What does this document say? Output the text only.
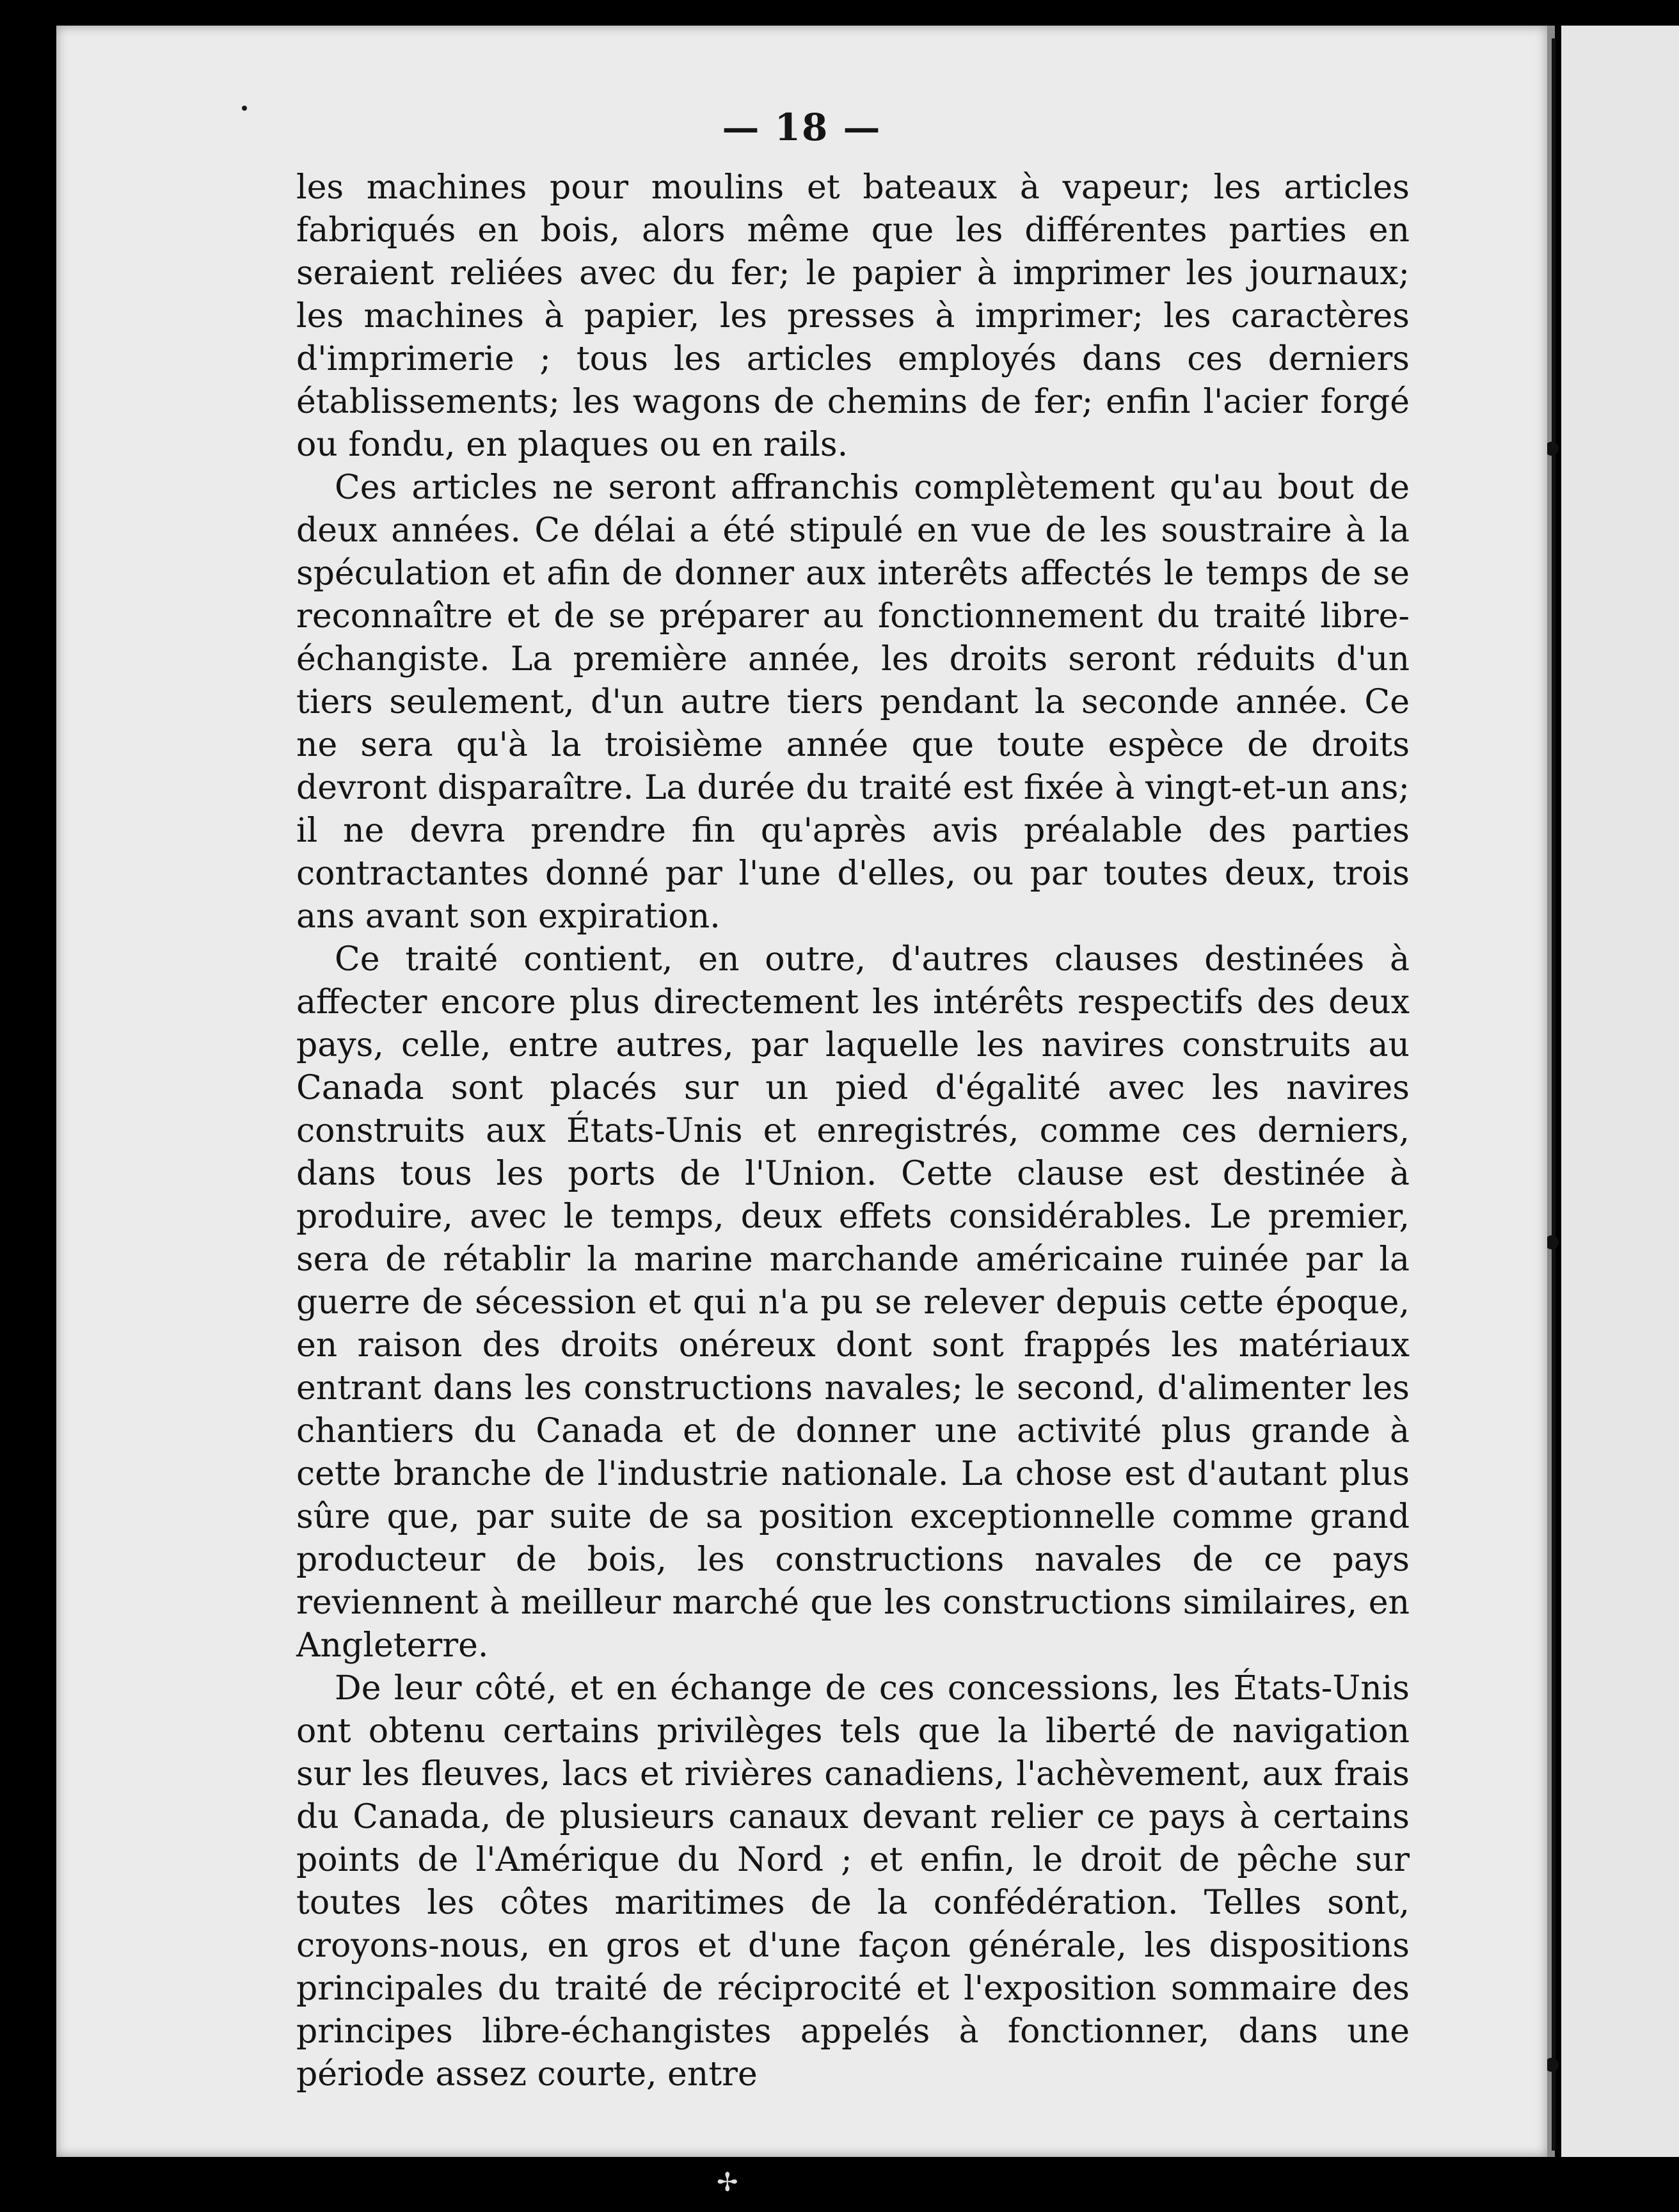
— 18 —

les machines pour moulins et bateaux à vapeur; les articles fabriqués en bois, alors même que les différentes parties en seraient reliées avec du fer; le papier à imprimer les journaux; les machines à papier, les presses à imprimer; les caractères d'imprimerie ; tous les articles employés dans ces derniers établissements; les wagons de chemins de fer; enfin l'acier forgé ou fondu, en plaques ou en rails.

Ces articles ne seront affranchis complètement qu'au bout de deux années. Ce délai a été stipulé en vue de les soustraire à la spéculation et afin de donner aux interêts affectés le temps de se reconnaître et de se préparer au fonctionnement du traité libre-échangiste. La première année, les droits seront réduits d'un tiers seulement, d'un autre tiers pendant la seconde année. Ce ne sera qu'à la troisième année que toute espèce de droits devront disparaître. La durée du traité est fixée à vingt-et-un ans; il ne devra prendre fin qu'après avis préalable des parties contractantes donné par l'une d'elles, ou par toutes deux, trois ans avant son expiration.

Ce traité contient, en outre, d'autres clauses destinées à affecter encore plus directement les intérêts respectifs des deux pays, celle, entre autres, par laquelle les navires construits au Canada sont placés sur un pied d'égalité avec les navires construits aux États-Unis et enregistrés, comme ces derniers, dans tous les ports de l'Union. Cette clause est destinée à produire, avec le temps, deux effets considérables. Le premier, sera de rétablir la marine marchande américaine ruinée par la guerre de sécession et qui n'a pu se relever depuis cette époque, en raison des droits onéreux dont sont frappés les matériaux entrant dans les constructions navales; le second, d'alimenter les chantiers du Canada et de donner une activité plus grande à cette branche de l'industrie nationale. La chose est d'autant plus sûre que, par suite de sa position exceptionnelle comme grand producteur de bois, les constructions navales de ce pays reviennent à meilleur marché que les constructions similaires, en Angleterre.

De leur côté, et en échange de ces concessions, les États-Unis ont obtenu certains privilèges tels que la liberté de navigation sur les fleuves, lacs et rivières canadiens, l'achèvement, aux frais du Canada, de plusieurs canaux devant relier ce pays à certains points de l'Amérique du Nord ; et enfin, le droit de pêche sur toutes les côtes maritimes de la confédération. Telles sont, croyons-nous, en gros et d'une façon générale, les dispositions principales du traité de réciprocité et l'exposition sommaire des principes libre-échangistes appelés à fonctionner, dans une période assez courte, entre

✢
